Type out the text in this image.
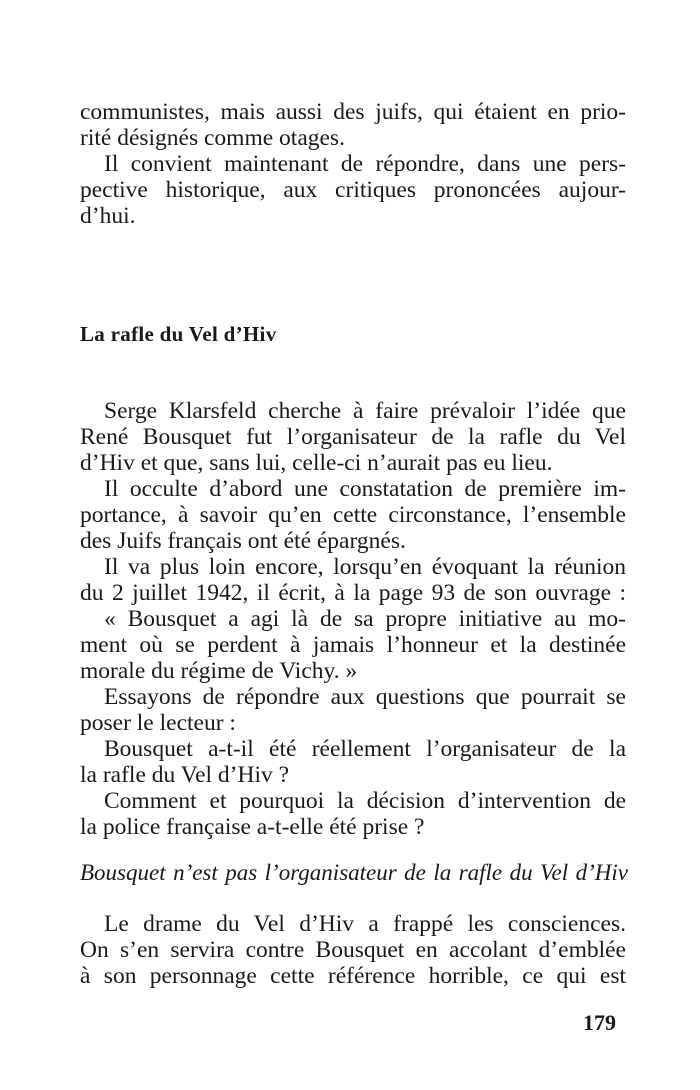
communistes, mais aussi des juifs, qui étaient en prio-
rité désignés comme otages.
Il convient maintenant de répondre, dans une pers-
pective historique, aux critiques prononcées aujour-
d’hui.
La rafle du Vel d’Hiv
Serge Klarsfeld cherche à faire prévaloir l’idée que
René Bousquet fut l’organisateur de la rafle du Vel
d’Hiv et que, sans lui, celle-ci n’aurait pas eu lieu.
Il occulte d’abord une constatation de première im-
portance, à savoir qu’en cette circonstance, l’ensemble
des Juifs français ont été épargnés.
Il va plus loin encore, lorsqu’en évoquant la réunion
du 2 juillet 1942, il écrit, à la page 93 de son ouvrage :
« Bousquet a agi là de sa propre initiative au mo-
ment où se perdent à jamais l’honneur et la destinée
morale du régime de Vichy. »
Essayons de répondre aux questions que pourrait se
poser le lecteur :
Bousquet a-t-il été réellement l’organisateur de la
la rafle du Vel d’Hiv ?
Comment et pourquoi la décision d’intervention de
la police française a-t-elle été prise ?
Bousquet n’est pas l’organisateur de la rafle du Vel d’Hiv
Le drame du Vel d’Hiv a frappé les consciences.
On s’en servira contre Bousquet en accolant d’emblée
à son personnage cette référence horrible, ce qui est
179
